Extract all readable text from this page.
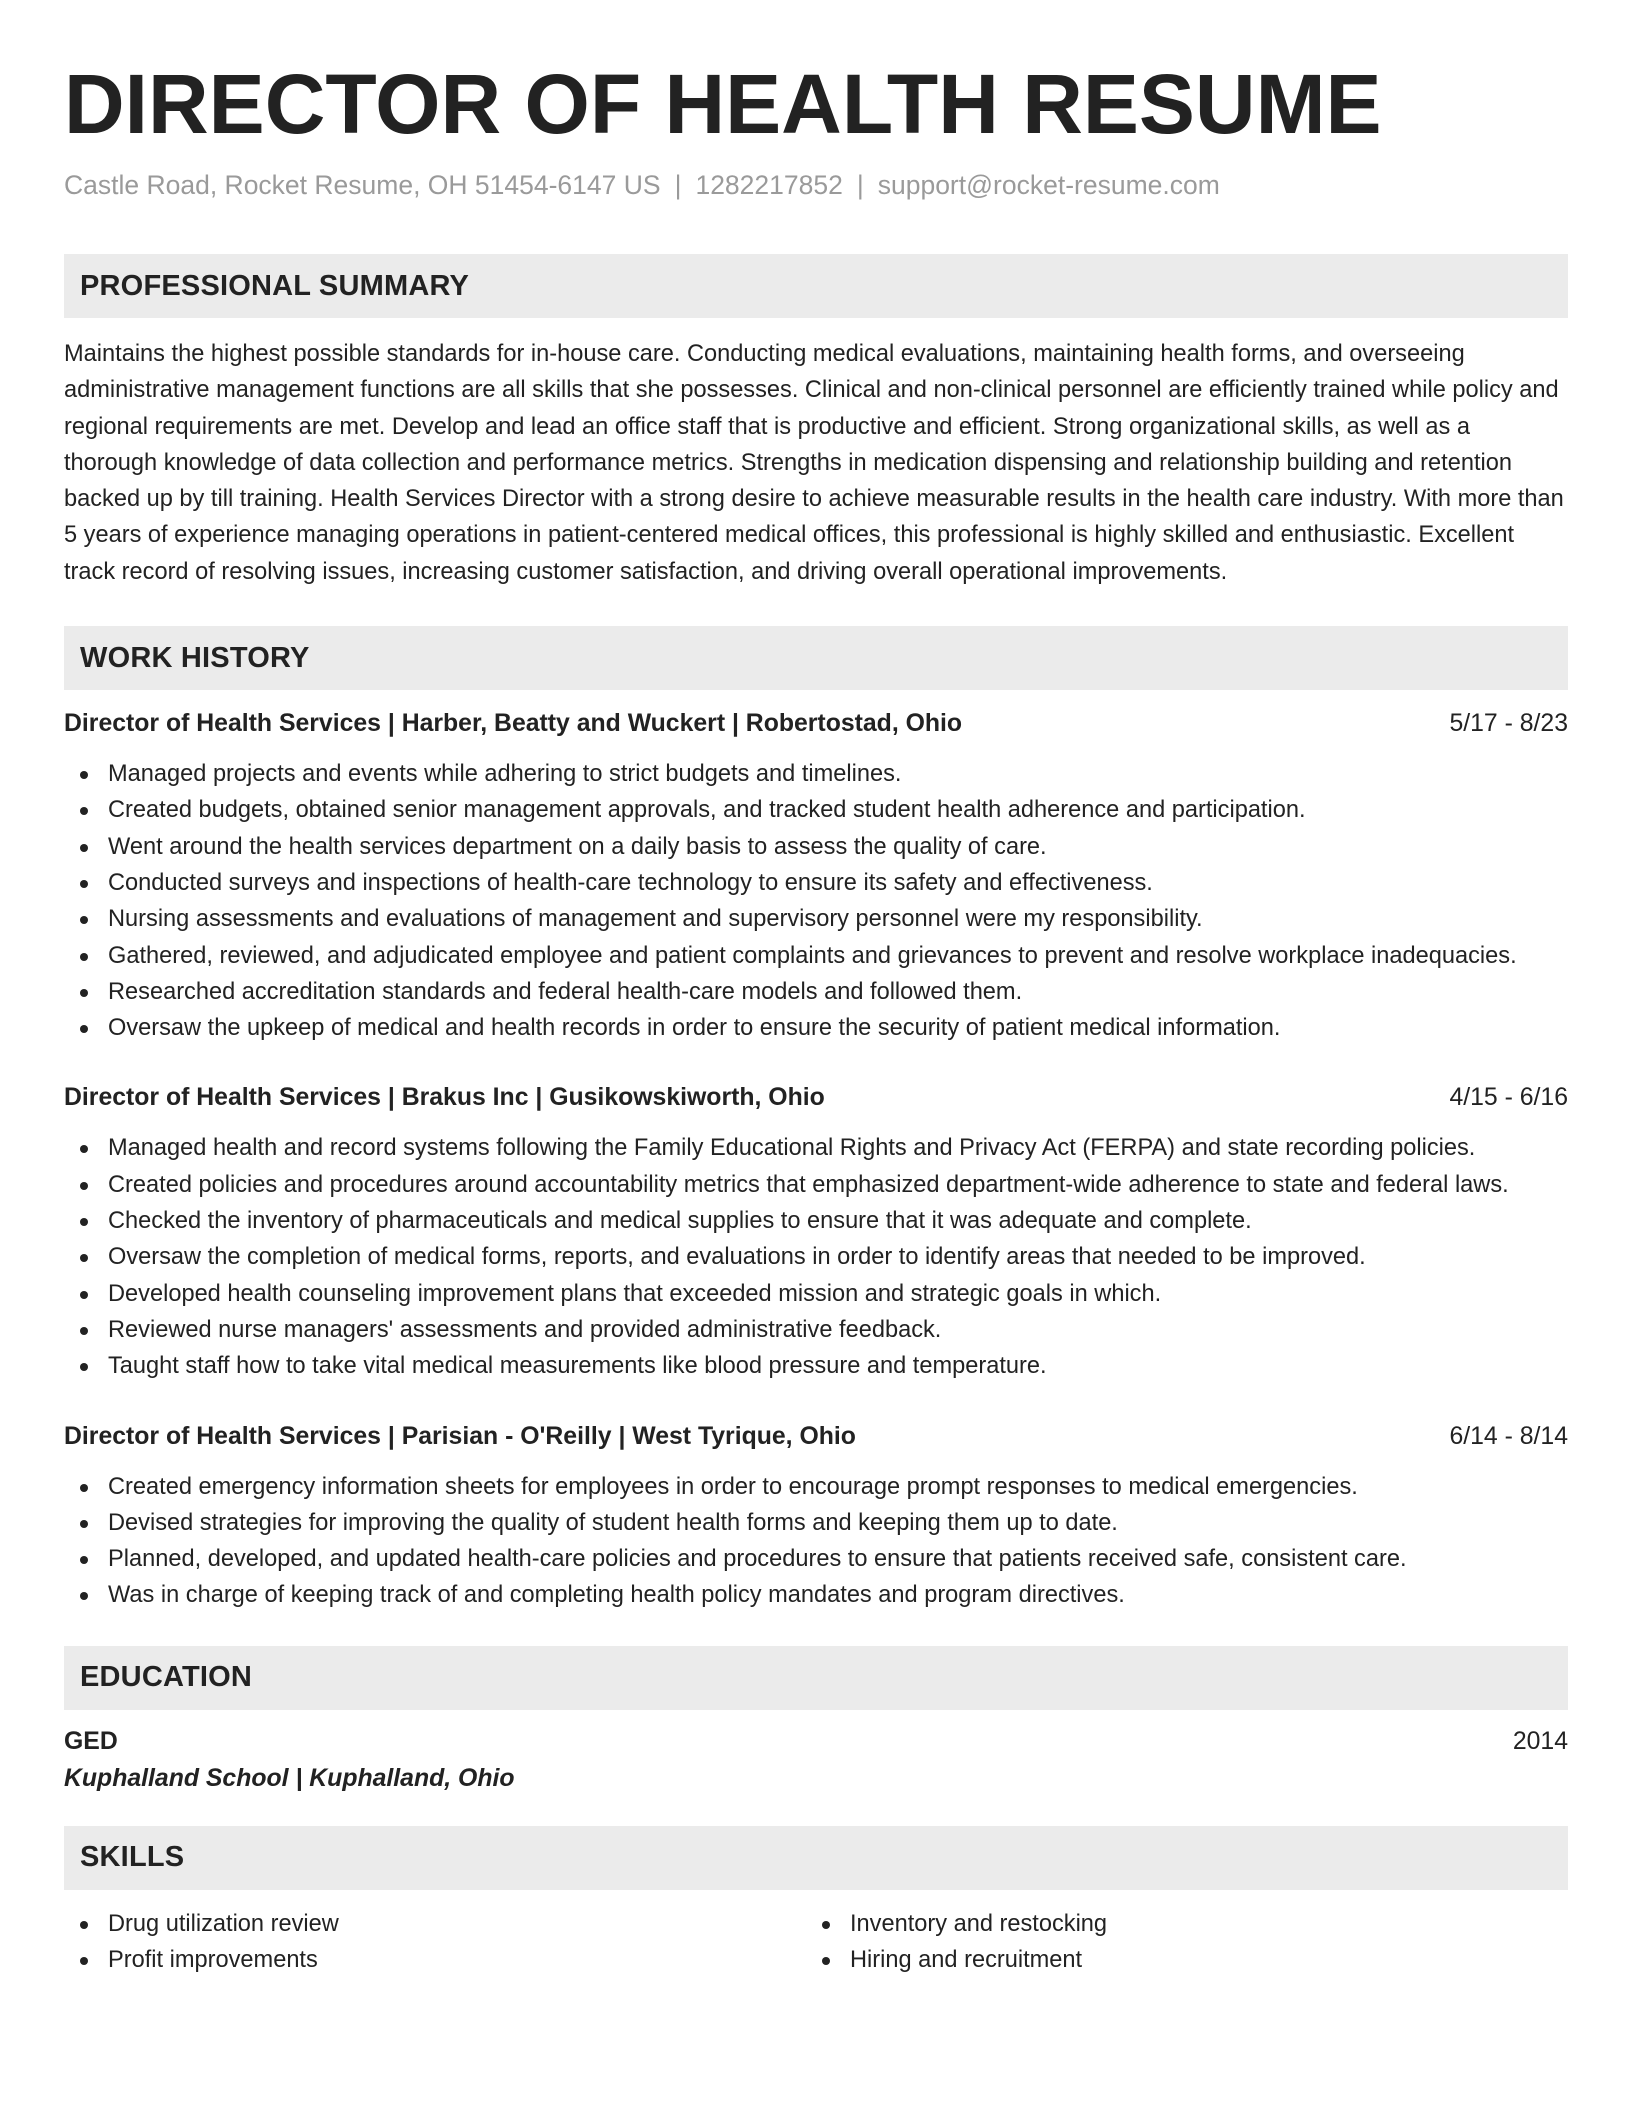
DIRECTOR OF HEALTH RESUME
Castle Road, Rocket Resume, OH 51454-6147 US | 1282217852 | support@rocket-resume.com
PROFESSIONAL SUMMARY
Maintains the highest possible standards for in-house care. Conducting medical evaluations, maintaining health forms, and overseeing administrative management functions are all skills that she possesses. Clinical and non-clinical personnel are efficiently trained while policy and regional requirements are met. Develop and lead an office staff that is productive and efficient. Strong organizational skills, as well as a thorough knowledge of data collection and performance metrics. Strengths in medication dispensing and relationship building and retention backed up by till training. Health Services Director with a strong desire to achieve measurable results in the health care industry. With more than 5 years of experience managing operations in patient-centered medical offices, this professional is highly skilled and enthusiastic. Excellent track record of resolving issues, increasing customer satisfaction, and driving overall operational improvements.
WORK HISTORY
Director of Health Services | Harber, Beatty and Wuckert | Robertostad, Ohio	5/17 - 8/23
Managed projects and events while adhering to strict budgets and timelines.
Created budgets, obtained senior management approvals, and tracked student health adherence and participation.
Went around the health services department on a daily basis to assess the quality of care.
Conducted surveys and inspections of health-care technology to ensure its safety and effectiveness.
Nursing assessments and evaluations of management and supervisory personnel were my responsibility.
Gathered, reviewed, and adjudicated employee and patient complaints and grievances to prevent and resolve workplace inadequacies.
Researched accreditation standards and federal health-care models and followed them.
Oversaw the upkeep of medical and health records in order to ensure the security of patient medical information.
Director of Health Services | Brakus Inc | Gusikowskiworth, Ohio	4/15 - 6/16
Managed health and record systems following the Family Educational Rights and Privacy Act (FERPA) and state recording policies.
Created policies and procedures around accountability metrics that emphasized department-wide adherence to state and federal laws.
Checked the inventory of pharmaceuticals and medical supplies to ensure that it was adequate and complete.
Oversaw the completion of medical forms, reports, and evaluations in order to identify areas that needed to be improved.
Developed health counseling improvement plans that exceeded mission and strategic goals in which.
Reviewed nurse managers' assessments and provided administrative feedback.
Taught staff how to take vital medical measurements like blood pressure and temperature.
Director of Health Services | Parisian - O'Reilly | West Tyrique, Ohio	6/14 - 8/14
Created emergency information sheets for employees in order to encourage prompt responses to medical emergencies.
Devised strategies for improving the quality of student health forms and keeping them up to date.
Planned, developed, and updated health-care policies and procedures to ensure that patients received safe, consistent care.
Was in charge of keeping track of and completing health policy mandates and program directives.
EDUCATION
GED	2014
Kuphalland School | Kuphalland, Ohio
SKILLS
Drug utilization review
Profit improvements
Inventory and restocking
Hiring and recruitment
